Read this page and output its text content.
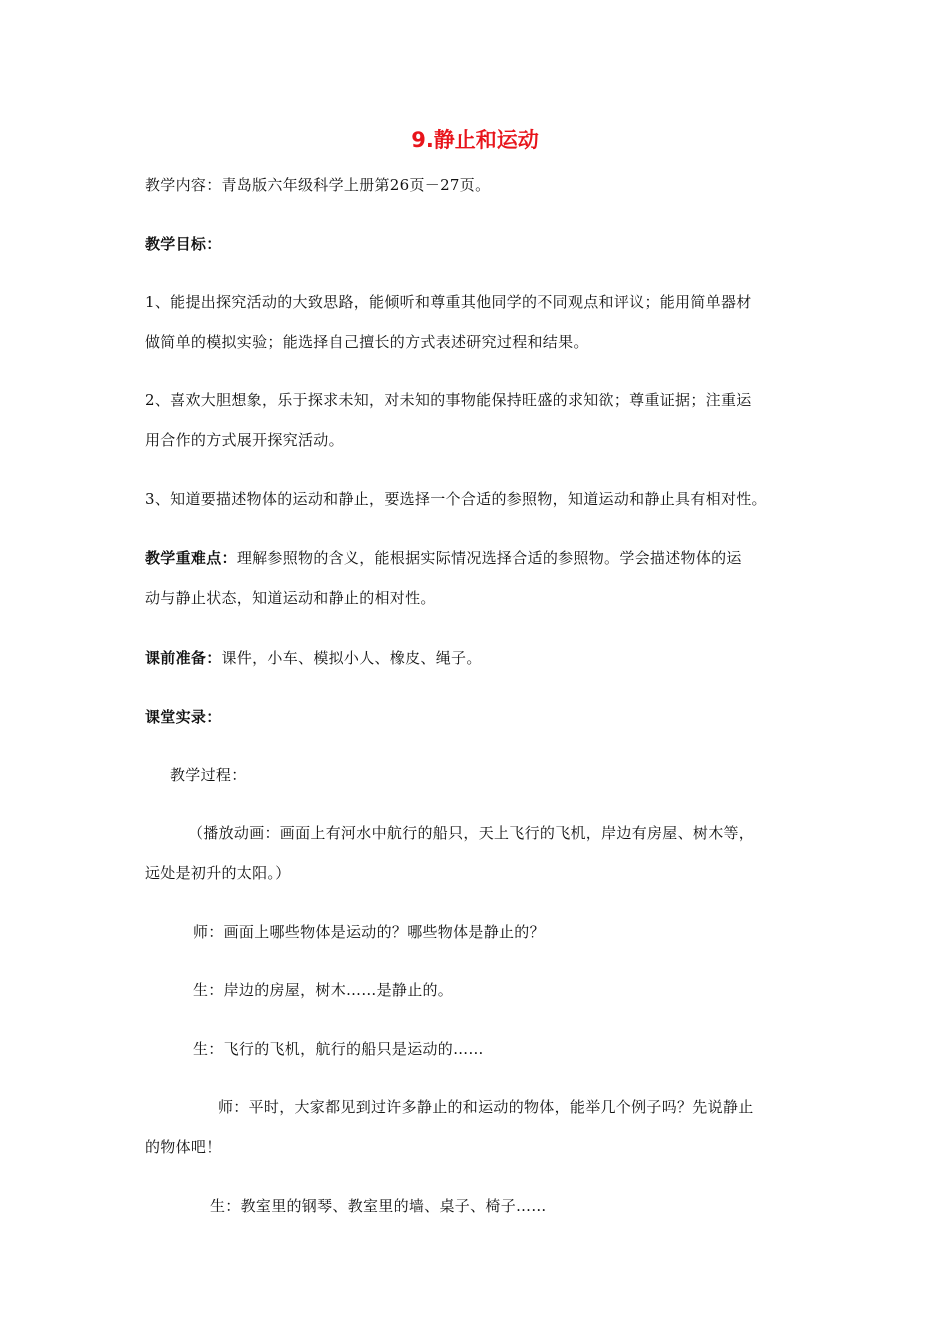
9.静止和运动
教学内容：青岛版六年级科学上册第26页－27页。
教学目标：
1、能提出探究活动的大致思路，能倾听和尊重其他同学的不同观点和评议；能用简单器材
做简单的模拟实验；能选择自己擅长的方式表述研究过程和结果。
2、喜欢大胆想象，乐于探求未知，对未知的事物能保持旺盛的求知欲；尊重证据；注重运
用合作的方式展开探究活动。
3、知道要描述物体的运动和静止，要选择一个合适的参照物，知道运动和静止具有相对性。
教学重难点：理解参照物的含义，能根据实际情况选择合适的参照物。学会描述物体的运
动与静止状态，知道运动和静止的相对性。
课前准备：课件，小车、模拟小人、橡皮、绳子。
课堂实录：
教学过程：
（播放动画：画面上有河水中航行的船只，天上飞行的飞机，岸边有房屋、树木等，
远处是初升的太阳。）
师：画面上哪些物体是运动的？哪些物体是静止的？
生：岸边的房屋，树木……是静止的。
生：飞行的飞机，航行的船只是运动的……
师：平时，大家都见到过许多静止的和运动的物体，能举几个例子吗？先说静止
的物体吧！
生：教室里的钢琴、教室里的墙、桌子、椅子……
